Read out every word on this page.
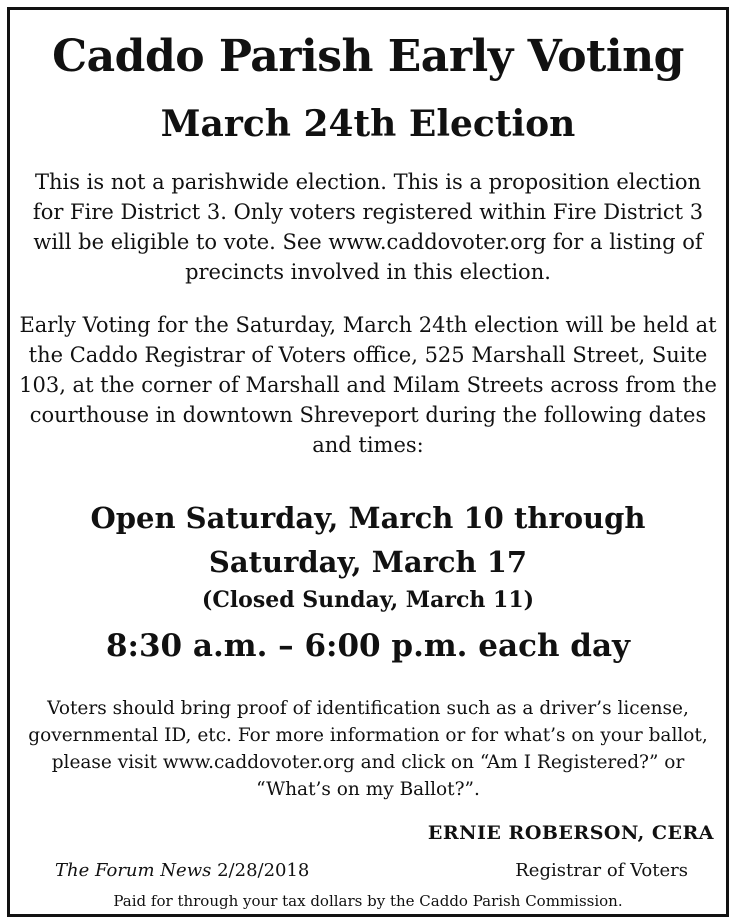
Caddo Parish Early Voting
March 24th Election

This is not a parishwide election. This is a proposition election for Fire District 3. Only voters registered within Fire District 3 will be eligible to vote. See www.caddovoter.org for a listing of precincts involved in this election.

Early Voting for the Saturday, March 24th election will be held at the Caddo Registrar of Voters office, 525 Marshall Street, Suite 103, at the corner of Marshall and Milam Streets across from the courthouse in downtown Shreveport during the following dates and times:

Open Saturday, March 10 through

Saturday, March 17

(Closed Sunday, March 11)

8:30 a.m. – 6:00 p.m. each day

Voters should bring proof of identification such as a driver’s license, governmental ID, etc. For more information or for what’s on your ballot, please visit www.caddovoter.org and click on “Am I Registered?” or “What’s on my Ballot?”.

ERNIE ROBERSON, CERA

The Forum News 2/28/2018	Registrar of Voters

Paid for through your tax dollars by the Caddo Parish Commission.
